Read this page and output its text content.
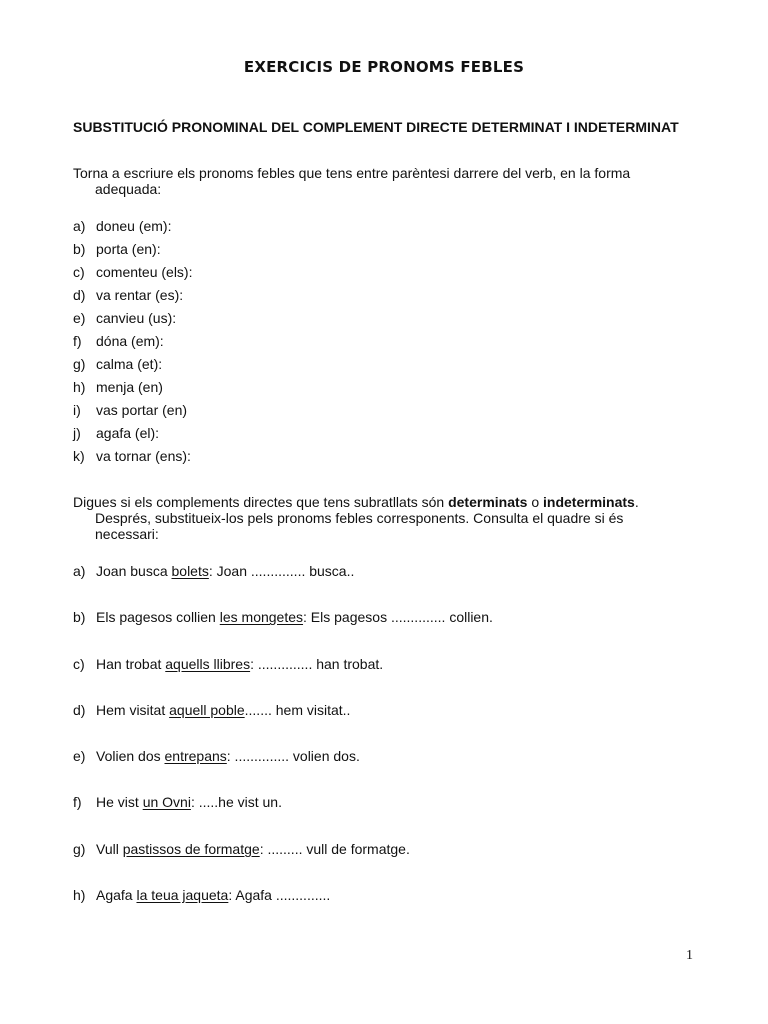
EXERCICIS DE PRONOMS FEBLES
SUBSTITUCIÓ PRONOMINAL DEL COMPLEMENT DIRECTE DETERMINAT I INDETERMINAT
Torna a escriure els pronoms febles que tens entre parèntesi darrere del verb, en la forma
adequada:
a) doneu (em):
b) porta (en):
c) comenteu (els):
d) va rentar (es):
e) canvieu (us):
f)	dóna (em):
g) calma (et):
h) menja (en)
i)	vas portar (en)
j)	agafa (el):
k) va tornar (ens):
Digues si els complements directes que tens subratllats són determinats o indeterminats.
Després, substitueix-los pels pronoms febles corresponents. Consulta el quadre si és
necessari:
a) Joan busca bolets: Joan .............. busca..
b) Els pagesos collien les mongetes: Els pagesos .............. collien.
c) Han trobat aquells llibres: .............. han trobat.
d) Hem visitat aquell poble....... hem visitat..
e) Volien dos entrepans: .............. volien dos.
f)	He vist un Ovni: .....he vist un.
g) Vull pastissos de formatge: ......... vull de formatge.
h) Agafa la teua jaqueta: Agafa ..............
1
